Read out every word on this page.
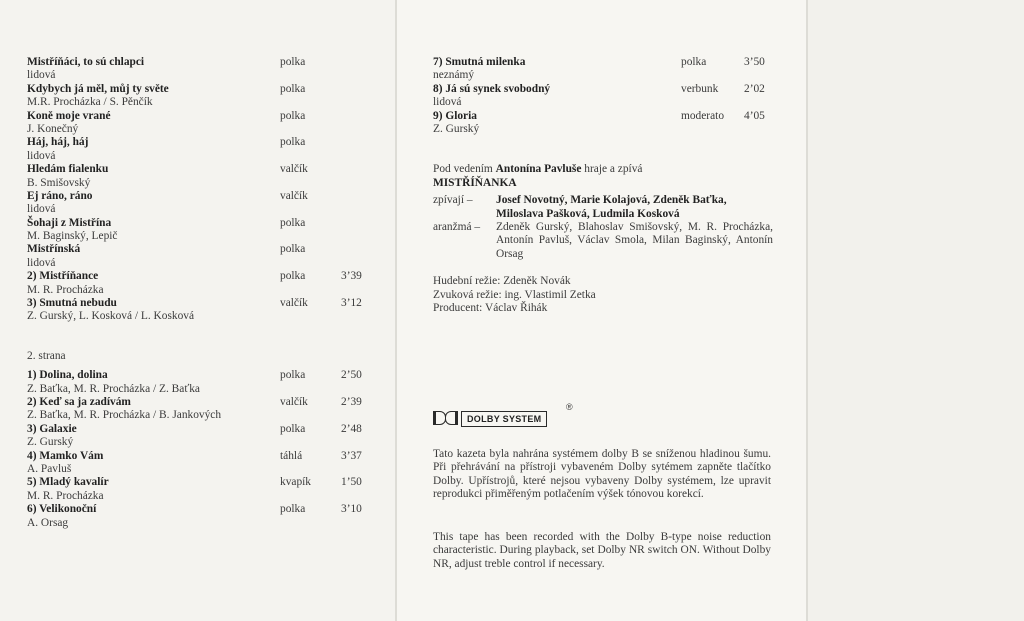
Mistříňáci, to sú chlapci	polka
lidová
Kdybych já měl, můj ty světe	polka
M.R. Procházka / S. Pěnčík
Koně moje vrané	polka
J. Konečný
Háj, háj, háj	polka
lidová
Hledám fialenku	valčík
B. Smišovský
Ej ráno, ráno	valčík
lidová
Šohaji z Mistřína	polka
M. Baginský, Lepič
Mistřínská	polka
lidová
2) Mistříňance	polka	3’39
M. R. Procházka
3) Smutná nebudu	valčík	3’12
Z. Gurský, L. Kosková / L. Kosková
2. strana
1) Dolina, dolina	polka	2’50
Z. Baťka, M. R. Procházka / Z. Baťka
2) Keď sa ja zadívám	valčík	2’39
Z. Baťka, M. R. Procházka / B. Jankových
3) Galaxie	polka	2’48
Z. Gurský
4) Mamko Vám	táhlá	3’37
A. Pavluš
5) Mladý kavalír	kvapík	1’50
M. R. Procházka
6) Velikonoční	polka	3’10
A. Orsag
7) Smutná milenka	polka	3’50
neznámý
8) Já sú synek svobodný	verbunk 2’02
lidová
9) Gloria	moderato 4’05
Z. Gurský
Pod vedením Antonína Pavluše hraje a zpívá
MISTŘÍŇANKA
zpívají –	Josef Novotný, Marie Kolajová, Zdeněk Baťka,
Miloslava Pašková, Ludmila Kosková
aranžmá –	Zdeněk Gurský, Blahoslav Smišovský, M. R. Procházka, Antonín Pavluš, Václav Smola, Milan Baginský, Antonín Orsag
Hudební režie: Zdeněk Novák
Zvuková režie: ing. Vlastimil Zetka
Producent: Václav Řihák
DOLBY SYSTEM
®
Tato kazeta byla nahrána systémem dolby B se sníženou hladinou šumu. Při přehrávání na přístroji vybaveném Dolby sytémem zapněte tlačítko Dolby. Upřístrojů, které nejsou vybaveny Dolby systémem, lze upravit reprodukci přiměřeným potlačením výšek tónovou korekcí.
This tape has been recorded with the Dolby B-type noise reduction characteristic. During playback, set Dolby NR switch ON. Without Dolby NR, adjust treble control if necessary.
